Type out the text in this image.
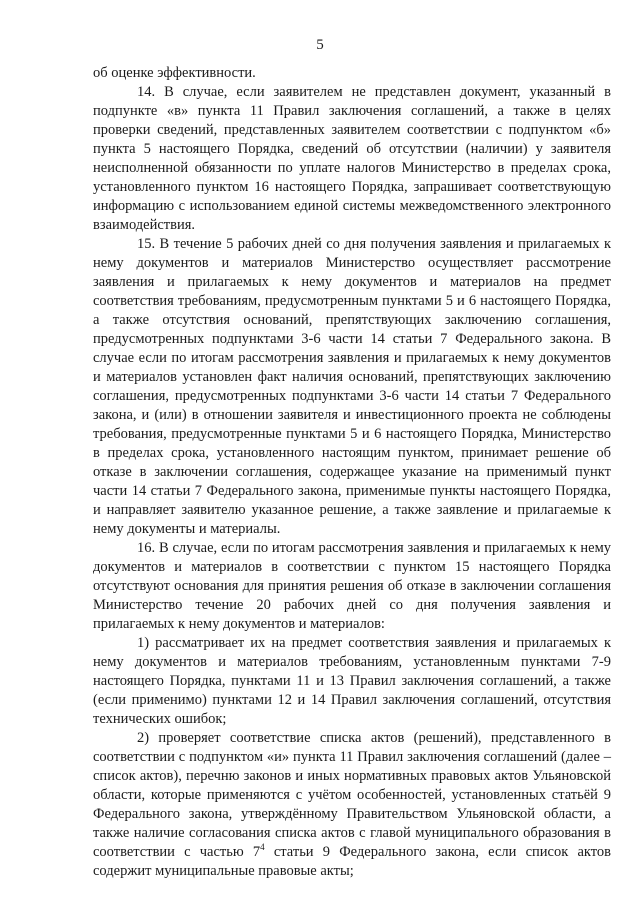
5

об оценке эффективности.

14. В случае, если заявителем не представлен документ, указанный в подпункте «в» пункта 11 Правил заключения соглашений, а также в целях проверки сведений, представленных заявителем соответствии с подпунктом «б» пункта 5 настоящего Порядка, сведений об отсутствии (наличии) у заявителя неисполненной обязанности по уплате налогов Министерство в пределах срока, установленного пунктом 16 настоящего Порядка, запрашивает соответствующую информацию с использованием единой системы межведомственного электронного взаимодействия.

15. В течение 5 рабочих дней со дня получения заявления и прилагаемых к нему документов и материалов Министерство осуществляет рассмотрение заявления и прилагаемых к нему документов и материалов на предмет соответствия требованиям, предусмотренным пунктами 5 и 6 настоящего Порядка, а также отсутствия оснований, препятствующих заключению соглашения, предусмотренных подпунктами 3-6 части 14 статьи 7 Федерального закона. В случае если по итогам рассмотрения заявления и прилагаемых к нему документов и материалов установлен факт наличия оснований, препятствующих заключению соглашения, предусмотренных подпунктами 3-6 части 14 статьи 7 Федерального закона, и (или) в отношении заявителя и инвестиционного проекта не соблюдены требования, предусмотренные пунктами 5 и 6 настоящего Порядка, Министерство в пределах срока, установленного настоящим пунктом, принимает решение об отказе в заключении соглашения, содержащее указание на применимый пункт части 14 статьи 7 Федерального закона, применимые пункты настоящего Порядка, и направляет заявителю указанное решение, а также заявление и прилагаемые к нему документы и материалы.

16. В случае, если по итогам рассмотрения заявления и прилагаемых к нему документов и материалов в соответствии с пунктом 15 настоящего Порядка отсутствуют основания для принятия решения об отказе в заключении соглашения Министерство течение 20 рабочих дней со дня получения заявления и прилагаемых к нему документов и материалов:

1) рассматривает их на предмет соответствия заявления и прилагаемых к нему документов и материалов требованиям, установленным пунктами 7-9 настоящего Порядка, пунктами 11 и 13 Правил заключения соглашений, а также (если применимо) пунктами 12 и 14 Правил заключения соглашений, отсутствия технических ошибок;

2) проверяет соответствие списка актов (решений), представленного в соответствии с подпунктом «и» пункта 11 Правил заключения соглашений (далее – список актов), перечню законов и иных нормативных правовых актов Ульяновской области, которые применяются с учётом особенностей, установленных статьёй 9 Федерального закона, утверждённому Правительством Ульяновской области, а также наличие согласования списка актов с главой муниципального образования в соответствии с частью $7^4$ статьи 9 Федерального закона, если список актов содержит муниципальные правовые акты;
